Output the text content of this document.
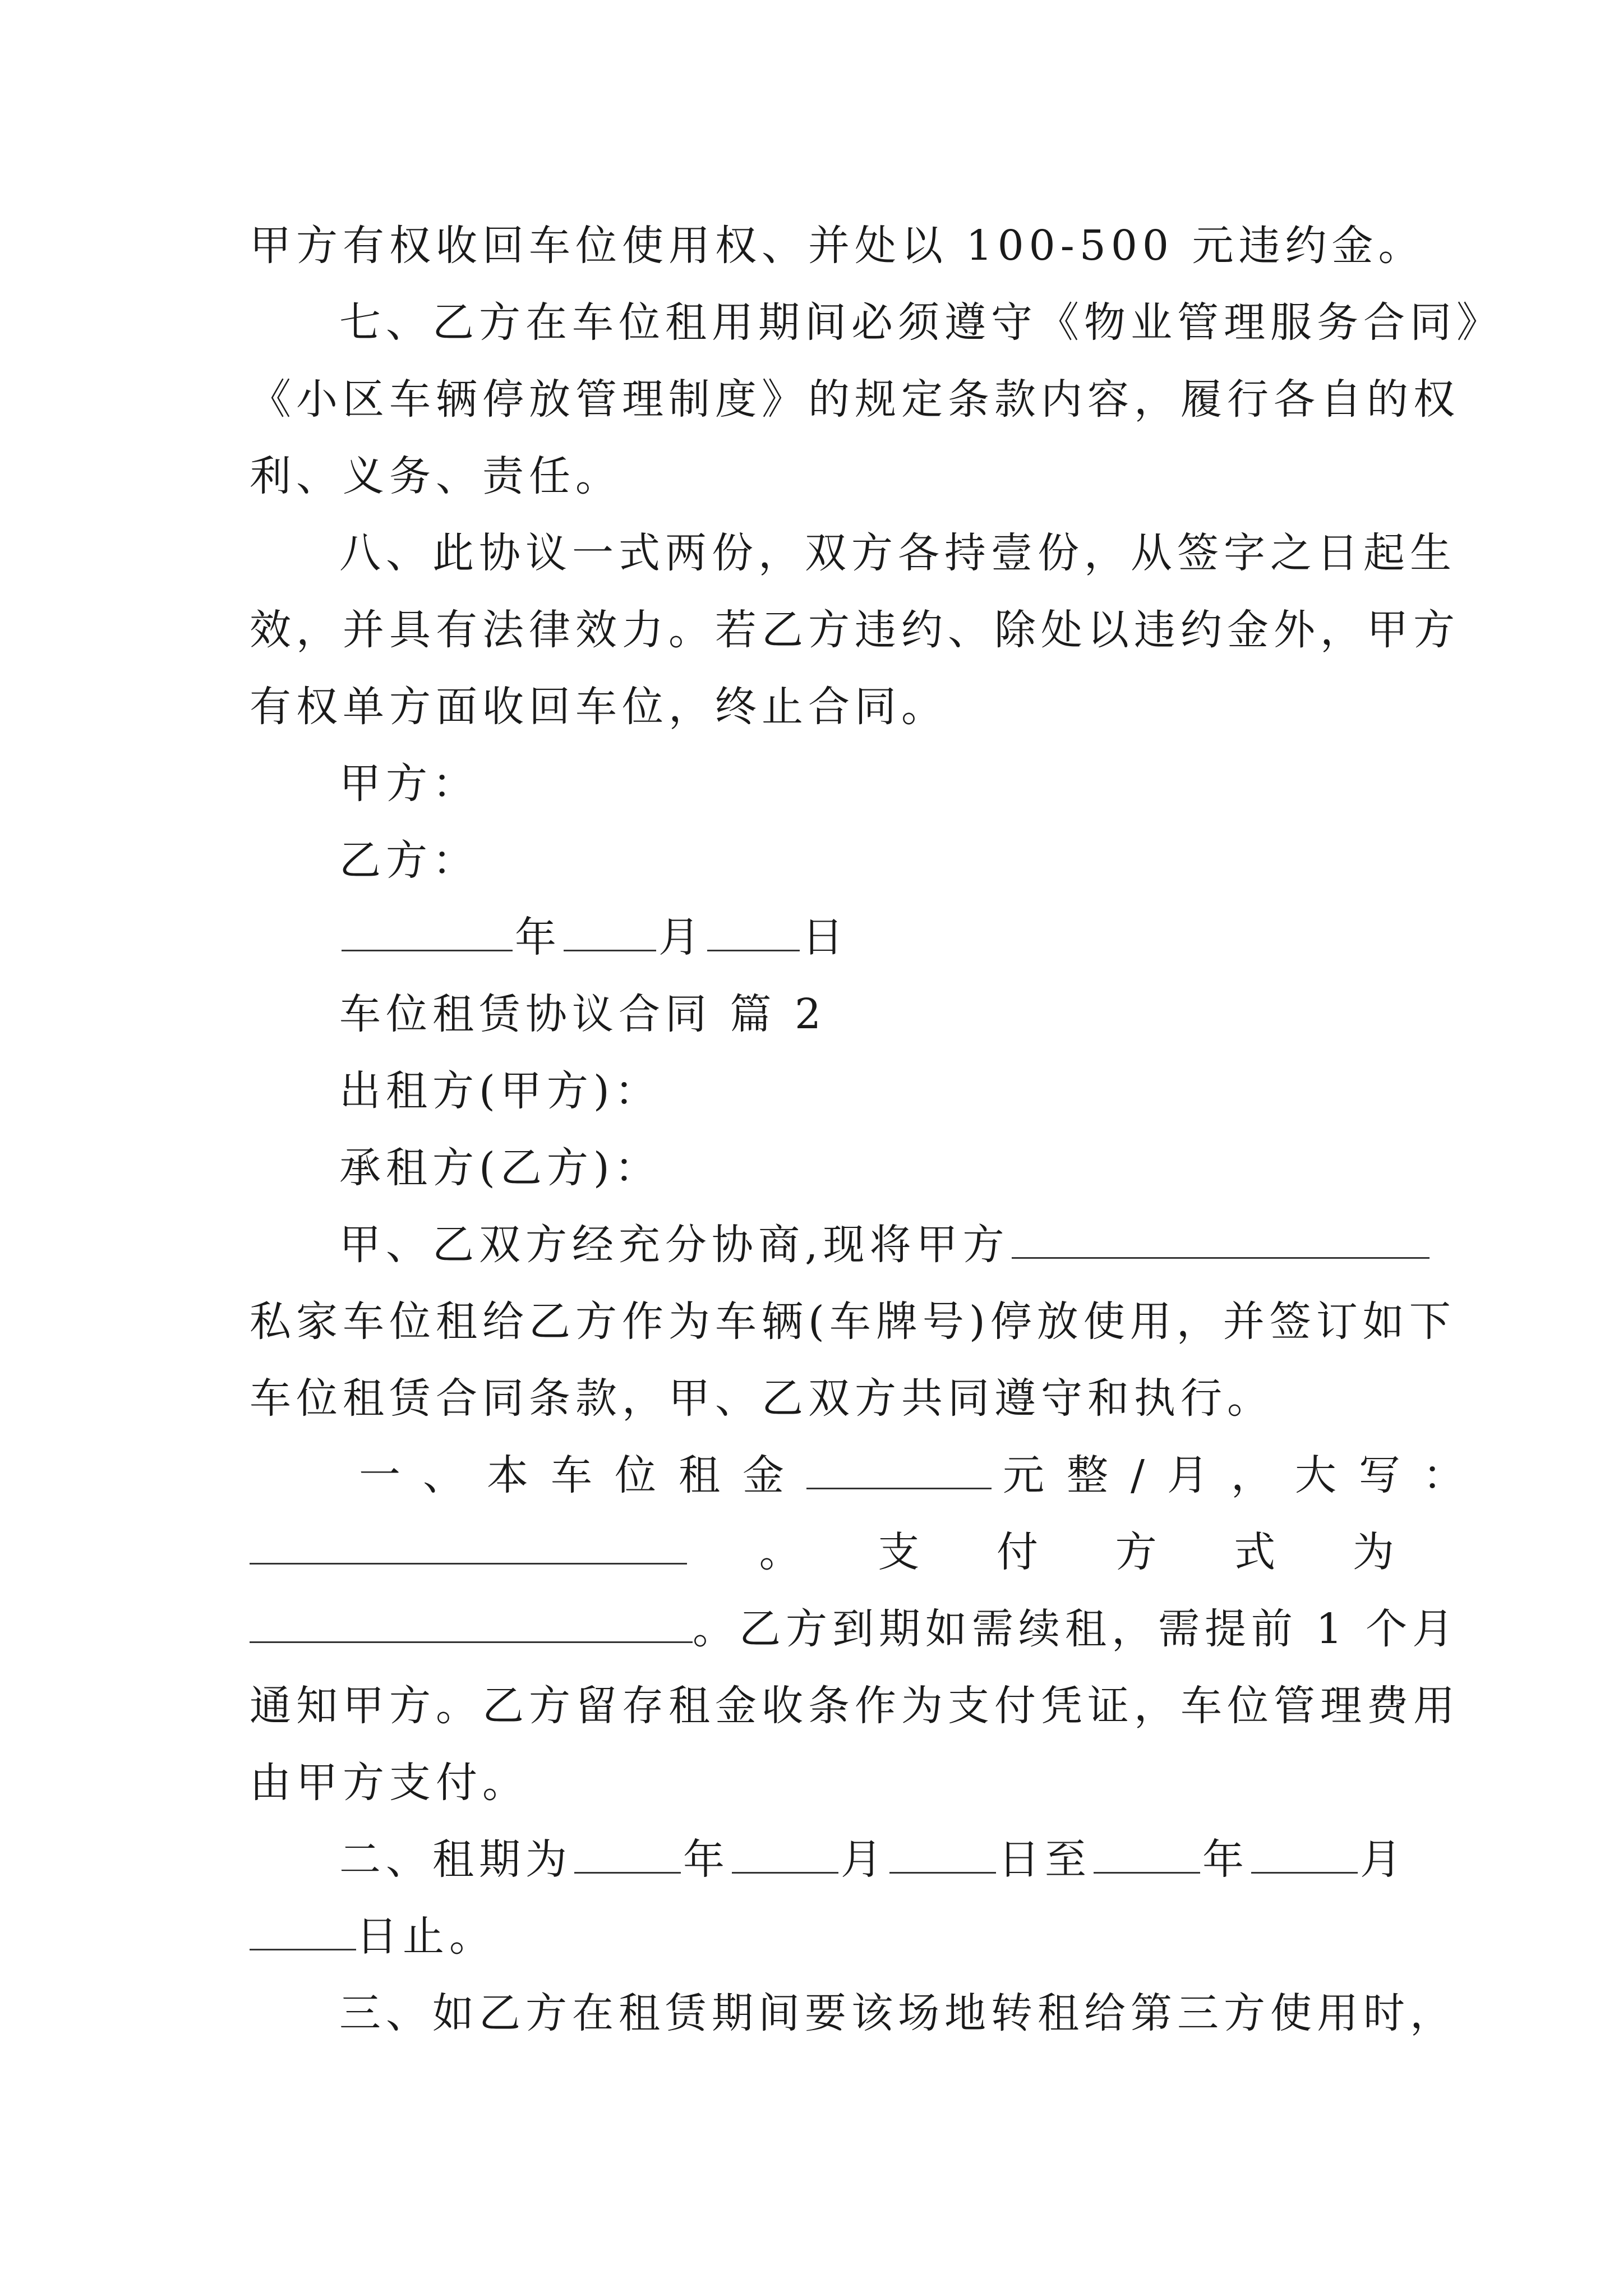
甲方有权收回车位使用权、并处以 100-500 元违约金。
七、乙方在车位租用期间必须遵守《物业管理服务合同》
《小区车辆停放管理制度》的规定条款内容，履行各自的权
利、义务、责任。
八、此协议一式两份，双方各持壹份，从签字之日起生
效，并具有法律效力。若乙方违约、除处以违约金外，甲方
有权单方面收回车位，终止合同。
甲方：
乙方：
年 月 日
车位租赁协议合同 篇 2
出租方(甲方)：
承租方(乙方)：
甲、乙双方经充分协商,现将甲方
私家车位租给乙方作为车辆(车牌号)停放使用，并签订如下
车位租赁合同条款，甲、乙双方共同遵守和执行。
一、本车位租金	元整/月，大写：
。 支 付 方 式 为
。乙方到期如需续租，需提前 1 个月
通知甲方。乙方留存租金收条作为支付凭证，车位管理费用
由甲方支付。
二、租期为	年	月	日至	年	月
日止。
三、如乙方在租赁期间要该场地转租给第三方使用时，
